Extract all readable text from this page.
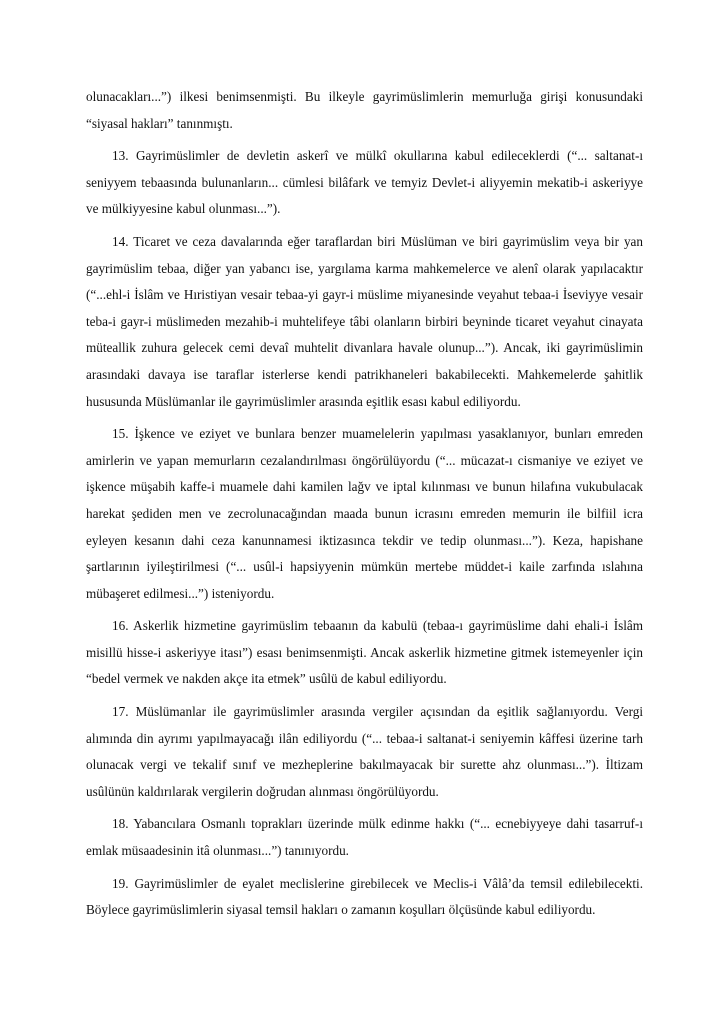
olunacakları...”) ilkesi benimsenmişti. Bu ilkeyle gayrimüslimlerin memurluğa girişi konusundaki “siyasal hakları” tanınmıştı.

13. Gayrimüslimler de devletin askerî ve mülkî okullarına kabul edileceklerdi (“... saltanat-ı seniyyem tebaasında bulunanların... cümlesi bilâfark ve temyiz Devlet-i aliyyemin mekatib-i askeriyye ve mülkiyyesine kabul olunması...”).

14. Ticaret ve ceza davalarında eğer taraflardan biri Müslüman ve biri gayrimüslim veya bir yan gayrimüslim tebaa, diğer yan yabancı ise, yargılama karma mahkemelerce ve alenî olarak yapılacaktır (“...ehl-i İslâm ve Hıristiyan vesair tebaa-yi gayr-i müslime miyanesinde veyahut tebaa-i İseviyye vesair teba-i gayr-i müslimeden mezahib-i muhtelifeye tâbi olanların birbiri beyninde ticaret veyahut cinayata müteallik zuhura gelecek cemi devaî muhtelit divanlara havale olunup...”). Ancak, iki gayrimüslimin arasındaki davaya ise taraflar isterlerse kendi patrikhaneleri bakabilecekti. Mahkemelerde şahitlik hususunda Müslümanlar ile gayrimüslimler arasında eşitlik esası kabul ediliyordu.

15. İşkence ve eziyet ve bunlara benzer muamelelerin yapılması yasaklanıyor, bunları emreden amirlerin ve yapan memurların cezalandırılması öngörülüyordu (“... mücazat-ı cismaniye ve eziyet ve işkence müşabih kaffe-i muamele dahi kamilen lağv ve iptal kılınması ve bunun hilafına vukubulacak harekat şediden men ve zecrolunacağından maada bunun icrasını emreden memurin ile bilfiil icra eyleyen kesanın dahi ceza kanunnamesi iktizasınca tekdir ve tedip olunması...”). Keza, hapishane şartlarının iyileştirilmesi (“... usûl-i hapsiyyenin mümkün mertebe müddet-i kaile zarfında ıslahına mübaşeret edilmesi...”) isteniyordu.

16. Askerlik hizmetine gayrimüslim tebaanın da kabulü (tebaa-ı gayrimüslime dahi ehali-i İslâm misillü hisse-i askeriyye itası”) esası benimsenmişti. Ancak askerlik hizmetine gitmek istemeyenler için “bedel vermek ve nakden akçe ita etmek” usûlü de kabul ediliyordu.

17. Müslümanlar ile gayrimüslimler arasında vergiler açısından da eşitlik sağlanıyordu. Vergi alımında din ayrımı yapılmayacağı ilân ediliyordu (“... tebaa-i saltanat-i seniyemin kâffesi üzerine tarh olunacak vergi ve tekalif sınıf ve mezheplerine bakılmayacak bir surette ahz olunması...”). İltizam usûlünün kaldırılarak vergilerin doğrudan alınması öngörülüyordu.

18. Yabancılara Osmanlı toprakları üzerinde mülk edinme hakkı (“... ecnebiyyeye dahi tasarruf-ı emlak müsaadesinin itâ olunması...”) tanınıyordu.

19. Gayrimüslimler de eyalet meclislerine girebilecek ve Meclis-i Vâlâ’da temsil edilebilecekti. Böylece gayrimüslimlerin siyasal temsil hakları o zamanın koşulları ölçüsünde kabul ediliyordu.
